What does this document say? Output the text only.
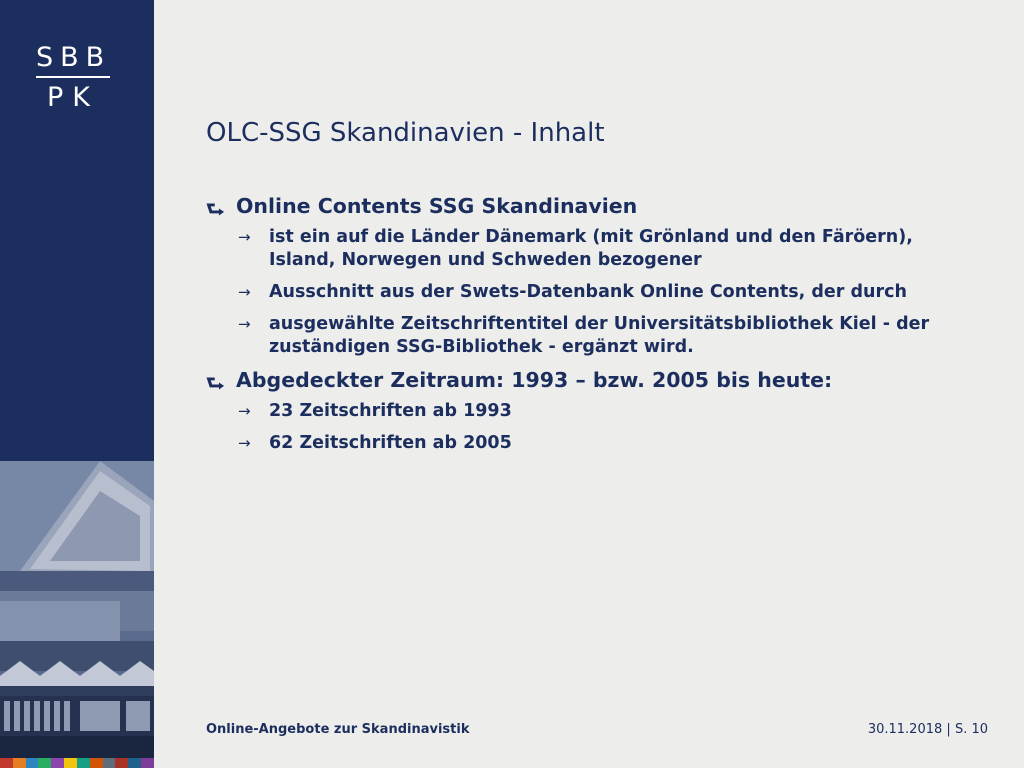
SBB
PK
OLC-SSG Skandinavien - Inhalt
⮑ Online Contents SSG Skandinavien
→ ist ein auf die Länder Dänemark (mit Grönland und den Färöern), Island, Norwegen und Schweden bezogener
→ Ausschnitt aus der Swets-Datenbank Online Contents, der durch
→ ausgewählte Zeitschriftentitel der Universitätsbibliothek Kiel - der zuständigen SSG-Bibliothek - ergänzt wird.
⮑ Abgedeckter Zeitraum: 1993 – bzw. 2005 bis heute:
→ 23 Zeitschriften ab 1993
→ 62 Zeitschriften ab 2005
Online-Angebote zur Skandinavistik	30.11.2018 | S. 10
